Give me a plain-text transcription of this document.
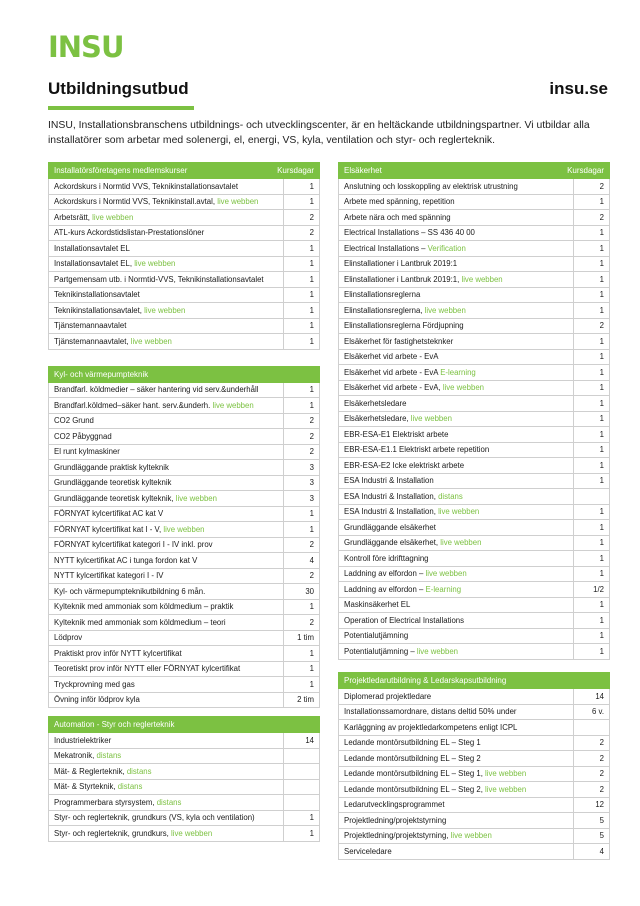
INSU
Utbildningsutbud	insu.se
INSU, Installationsbranschens utbildnings- och utvecklingscenter, är en heltäckande utbildningspartner. Vi utbildar alla installatörer som arbetar med solenergi, el, energi, VS, kyla, ventilation och styr- och reglerteknik.
Installatörsföretagens medlemskurser	Kursdagar
Ackordskurs i Normtid VVS, Teknikinstallationsavtalet	1
Ackordskurs i Normtid VVS, Teknikinstall.avtal, live webben	1
Arbetsrätt, live webben	2
ATL-kurs Ackordstidslistan-Prestationslöner	2
Installationsavtalet EL	1
Installationsavtalet EL, live webben	1
Partgemensam utb. i Normtid-VVS, Teknikinstallationsavtalet	1
Teknikinstallationsavtalet	1
Teknikinstallationsavtalet, live webben	1
Tjänstemannaavtalet	1
Tjänstemannaavtalet, live webben	1
Kyl- och värmepumpteknik
Brandfarl. köldmedier – säker hantering vid serv.&underhåll	1
Brandfarl.köldmed–säker hant. serv.&underh. live webben	1
CO2 Grund	2
CO2 Påbyggnad	2
El runt kylmaskiner	2
Grundläggande praktisk kylteknik	3
Grundläggande teoretisk kylteknik	3
Grundläggande teoretisk kylteknik, live webben	3
FÖRNYAT kylcertifikat AC kat V	1
FÖRNYAT kylcertifikat kat I - V, live webben	1
FÖRNYAT kylcertifikat kategori I - IV inkl. prov	2
NYTT kylcertifikat AC i tunga fordon kat V	4
NYTT kylcertifikat kategori I - IV	2
Kyl- och värmepumpteknikutbildning 6 mån.	30
Kylteknik med ammoniak som köldmedium – praktik	1
Kylteknik med ammoniak som köldmedium – teori	2
Lödprov	1 tim
Praktiskt prov inför NYTT kylcertifikat	1
Teoretiskt prov inför NYTT eller FÖRNYAT kylcertifikat	1
Tryckprovning med gas	1
Övning inför lödprov kyla	2 tim
Automation - Styr och reglerteknik
Industrielektriker	14
Mekatronik, distans
Mät- & Reglerteknik, distans
Mät- & Styrteknik, distans
Programmerbara styrsystem, distans
Styr- och reglerteknik, grundkurs (VS, kyla och ventilation)	1
Styr- och reglerteknik, grundkurs, live webben	1
Elsäkerhet	Kursdagar
Anslutning och losskoppling av elektrisk utrustning	2
Arbete med spänning, repetition	1
Arbete nära och med spänning	2
Electrical Installations – SS 436 40 00	1
Electrical Installations – Verification	1
Elinstallationer i Lantbruk 2019:1	1
Elinstallationer i Lantbruk 2019:1, live webben	1
Elinstallationsreglerna	1
Elinstallationsreglerna, live webben	1
Elinstallationsreglerna Fördjupning	2
Elsäkerhet för fastighetsteknker	1
Elsäkerhet vid arbete - EvA	1
Elsäkerhet vid arbete - EvA E-learning	1
Elsäkerhet vid arbete - EvA, live webben	1
Elsäkerhetsledare	1
Elsäkerhetsledare, live webben	1
EBR-ESA-E1 Elektriskt arbete	1
EBR-ESA-E1.1 Elektriskt arbete repetition	1
EBR-ESA-E2 Icke elektriskt arbete	1
ESA Industri & Installation	1
ESA Industri & Installation, distans
ESA Industri & Installation, live webben	1
Grundläggande elsäkerhet	1
Grundläggande elsäkerhet, live webben	1
Kontroll före idrifttagning	1
Laddning av elfordon – live webben	1
Laddning av elfordon – E-learning	1/2
Maskinsäkerhet EL	1
Operation of Electrical Installations	1
Potentialutjämning	1
Potentialutjämning – live webben	1
Projektledarutbildning & Ledarskapsutbildning
Diplomerad projektledare	14
Installationssamordnare, distans deltid 50% under	6 v.
Karläggning av projektledarkompetens enligt ICPL
Ledande montörsutbildning EL – Steg 1	2
Ledande montörsutbildning EL – Steg 2	2
Ledande montörsutbildning EL – Steg 1, live webben	2
Ledande montörsutbildning EL – Steg 2, live webben	2
Ledarutvecklingsprogrammet	12
Projektledning/projektstyrning	5
Projektledning/projektstyrning, live webben	5
Serviceledare	4
